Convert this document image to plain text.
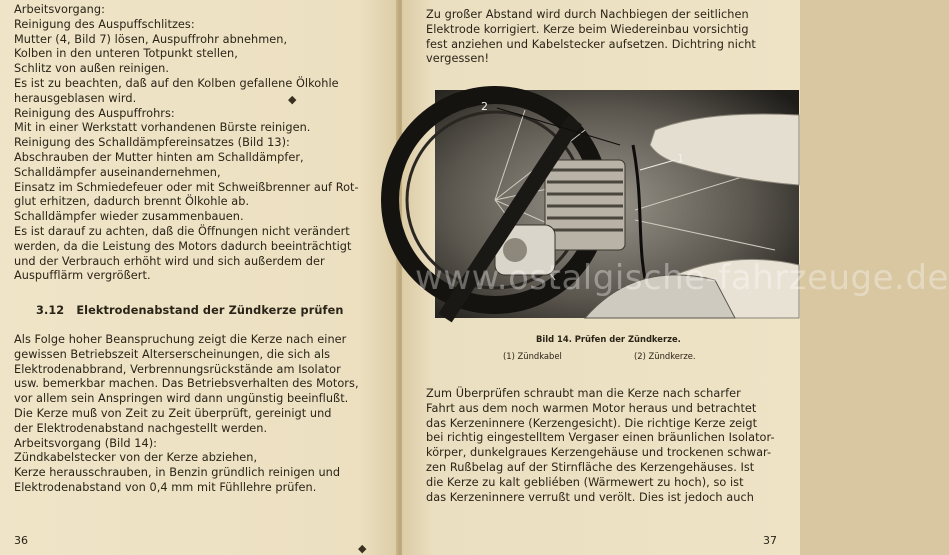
Arbeitsvorgang:
Reinigung des Auspuffschlitzes:
Mutter (4, Bild 7) lösen, Auspuffrohr abnehmen,
Kolben in den unteren Totpunkt stellen,
Schlitz von außen reinigen.
Es ist zu beachten, daß auf den Kolben gefallene Ölkohle
herausgeblasen wird.
Reinigung des Auspuffrohrs:
Mit in einer Werkstatt vorhandenen Bürste reinigen.
Reinigung des Schalldämpfereinsatzes (Bild 13):
Abschrauben der Mutter hinten am Schalldämpfer,
Schalldämpfer auseinandernehmen,
Einsatz im Schmiedefeuer oder mit Schweißbrenner auf Rot-
glut erhitzen, dadurch brennt Ölkohle ab.
Schalldämpfer wieder zusammenbauen.
Es ist darauf zu achten, daß die Öffnungen nicht verändert
werden, da die Leistung des Motors dadurch beeinträchtigt
und der Verbrauch erhöht wird und sich außerdem der
Auspufflärm vergrößert.
3.12 Elektrodenabstand der Zündkerze prüfen
Als Folge hoher Beanspruchung zeigt die Kerze nach einer
gewissen Betriebszeit Alterserscheinungen, die sich als
Elektrodenabbrand, Verbrennungsrückstände am Isolator
usw. bemerkbar machen. Das Betriebsverhalten des Motors,
vor allem sein Anspringen wird dann ungünstig beeinflußt.
Die Kerze muß von Zeit zu Zeit überprüft, gereinigt und
der Elektrodenabstand nachgestellt werden.
Arbeitsvorgang (Bild 14):
Zündkabelstecker von der Kerze abziehen,
Kerze herausschrauben, in Benzin gründlich reinigen und
Elektrodenabstand von 0,4 mm mit Fühllehre prüfen.
36
◆
◆
Zu großer Abstand wird durch Nachbiegen der seitlichen
Elektrode korrigiert. Kerze beim Wiedereinbau vorsichtig
fest anziehen und Kabelstecker aufsetzen. Dichtring nicht
vergessen!
2
1
www.ostalgische-fahrzeuge.de
Bild 14. Prüfen der Zündkerze.
(1) Zündkabel	(2) Zündkerze.
Zum Überprüfen schraubt man die Kerze nach scharfer
Fahrt aus dem noch warmen Motor heraus und betrachtet
das Kerzeninnere (Kerzengesicht). Die richtige Kerze zeigt
bei richtig eingestelltem Vergaser einen bräunlichen Isolator-
körper, dunkelgraues Kerzengehäuse und trockenen schwar-
zen Rußbelag auf der Stirnfläche des Kerzengehäuses. Ist
die Kerze zu kalt gebliében (Wärmewert zu hoch), so ist
das Kerzeninnere verrußt und verölt. Dies ist jedoch auch
37
